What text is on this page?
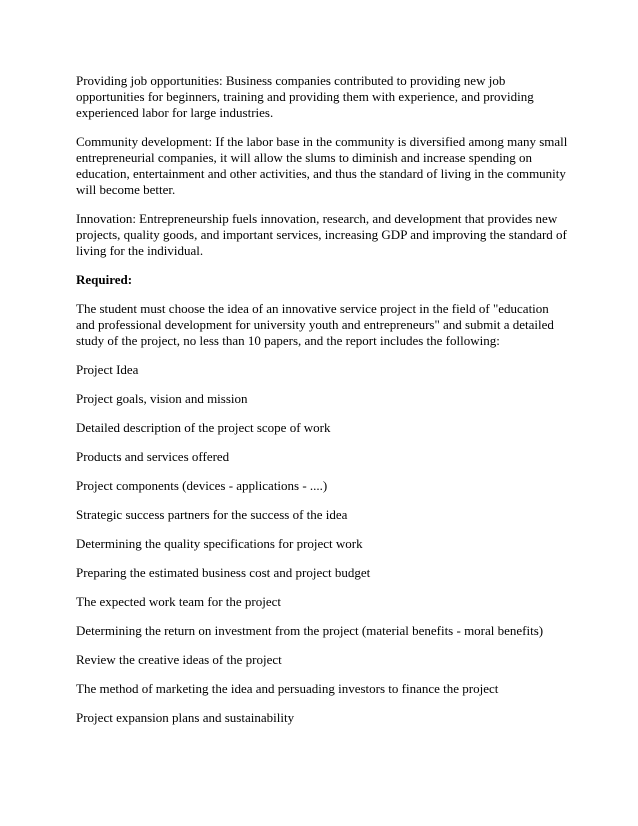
Providing job opportunities: Business companies contributed to providing new job opportunities for beginners, training and providing them with experience, and providing experienced labor for large industries.

Community development: If the labor base in the community is diversified among many small entrepreneurial companies, it will allow the slums to diminish and increase spending on education, entertainment and other activities, and thus the standard of living in the community will become better.

Innovation: Entrepreneurship fuels innovation, research, and development that provides new projects, quality goods, and important services, increasing GDP and improving the standard of living for the individual.

Required:

The student must choose the idea of an innovative service project in the field of "education and professional development for university youth and entrepreneurs" and submit a detailed study of the project, no less than 10 papers, and the report includes the following:

Project Idea

Project goals, vision and mission

Detailed description of the project scope of work

Products and services offered

Project components (devices - applications - ....)

Strategic success partners for the success of the idea

Determining the quality specifications for project work

Preparing the estimated business cost and project budget

The expected work team for the project

Determining the return on investment from the project (material benefits - moral benefits)

Review the creative ideas of the project

The method of marketing the idea and persuading investors to finance the project

Project expansion plans and sustainability
